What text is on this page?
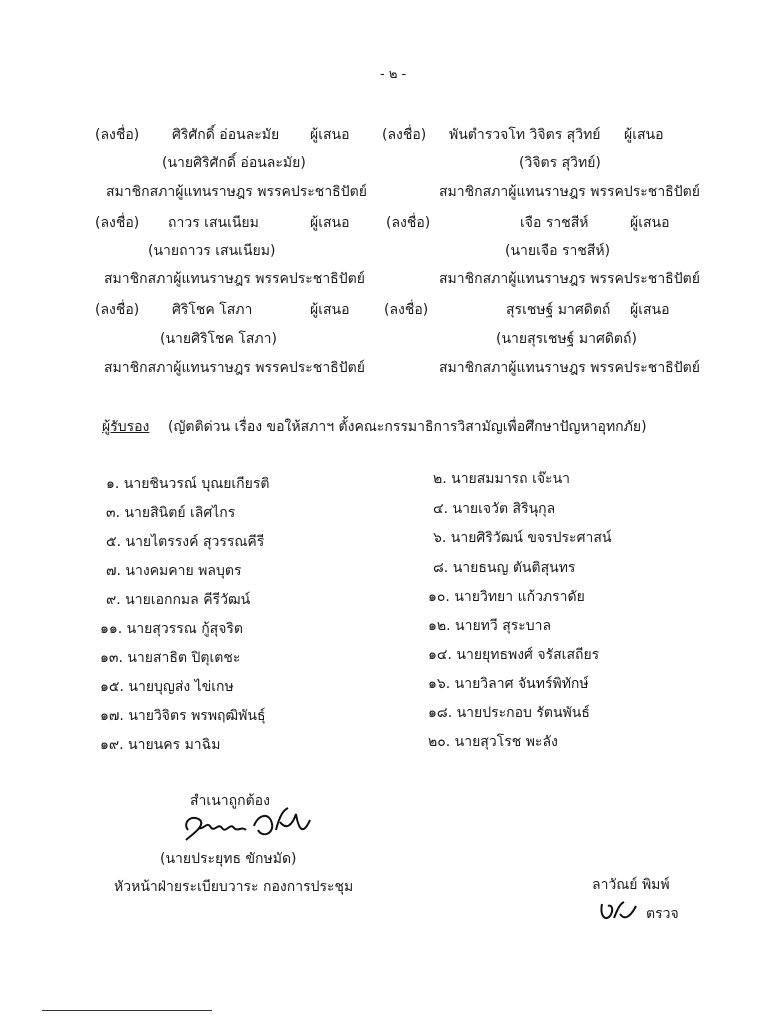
- ๒ -
(ลงชื่อ) ศิริศักดิ์ อ่อนละมัย ผู้เสนอ
(นายศิริศักดิ์ อ่อนละมัย)
สมาชิกสภาผู้แทนราษฎร พรรคประชาธิปัตย์
(ลงชื่อ) พันตำรวจโท วิจิตร สุวิทย์ ผู้เสนอ
(วิจิตร สุวิทย์)
สมาชิกสภาผู้แทนราษฎร พรรคประชาธิปัตย์
(ลงชื่อ) ถาวร เสนเนียม	ผู้เสนอ
(นายถาวร เสนเนียม)
สมาชิกสภาผู้แทนราษฎร พรรคประชาธิปัตย์
(ลงชื่อ)	เจือ ราชสีห์	ผู้เสนอ
(นายเจือ ราชสีห์)
สมาชิกสภาผู้แทนราษฎร พรรคประชาธิปัตย์
(ลงชื่อ) ศิริโชค โสภา	ผู้เสนอ
(นายศิริโชค โสภา)
สมาชิกสภาผู้แทนราษฎร พรรคประชาธิปัตย์
(ลงชื่อ)	สุรเชษฐ์ มาศดิตถ์ ผู้เสนอ
(นายสุรเชษฐ์ มาศดิตถ์)
สมาชิกสภาผู้แทนราษฎร พรรคประชาธิปัตย์
ผู้รับรอง (ญัตติด่วน เรื่อง ขอให้สภาฯ ตั้งคณะกรรมาธิการวิสามัญเพื่อศึกษาปัญหาอุทกภัย)
๑. นายชินวรณ์ บุณยเกียรติ
๓. นายสินิตย์ เลิศไกร
๕. นายไตรรงค์ สุวรรณคีรี
๗. นางคมคาย พลบุตร
๙. นายเอกกมล คีรีวัฒน์
๑๑. นายสุวรรณ กู้สุจริต
๑๓. นายสาธิต ปิตุเตชะ
๑๕. นายบุญส่ง ไข่เกษ
๑๗. นายวิจิตร พรพฤฒิพันธุ์
๑๙. นายนคร มาฉิม
๒. นายสมมารถ เจ๊ะนา
๔. นายเจวัต สิรินุกุล
๖. นายศิริวัฒน์ ขจรประศาสน์
๘. นายธนญ ตันติสุนทร
๑๐. นายวิทยา แก้วภราดัย
๑๒. นายทวี สุระบาล
๑๔. นายยุทธพงศ์ จรัสเสถียร
๑๖. นายวิลาศ จันทร์พิทักษ์
๑๘. นายประกอบ รัตนพันธ์
๒๐. นายสุวโรช พะลัง
สำเนาถูกต้อง
(นายประยุทธ ขักษมัด)
หัวหน้าฝ่ายระเบียบวาระ กองการประชุม	ลาวัณย์ พิมพ์
ตรวจ
